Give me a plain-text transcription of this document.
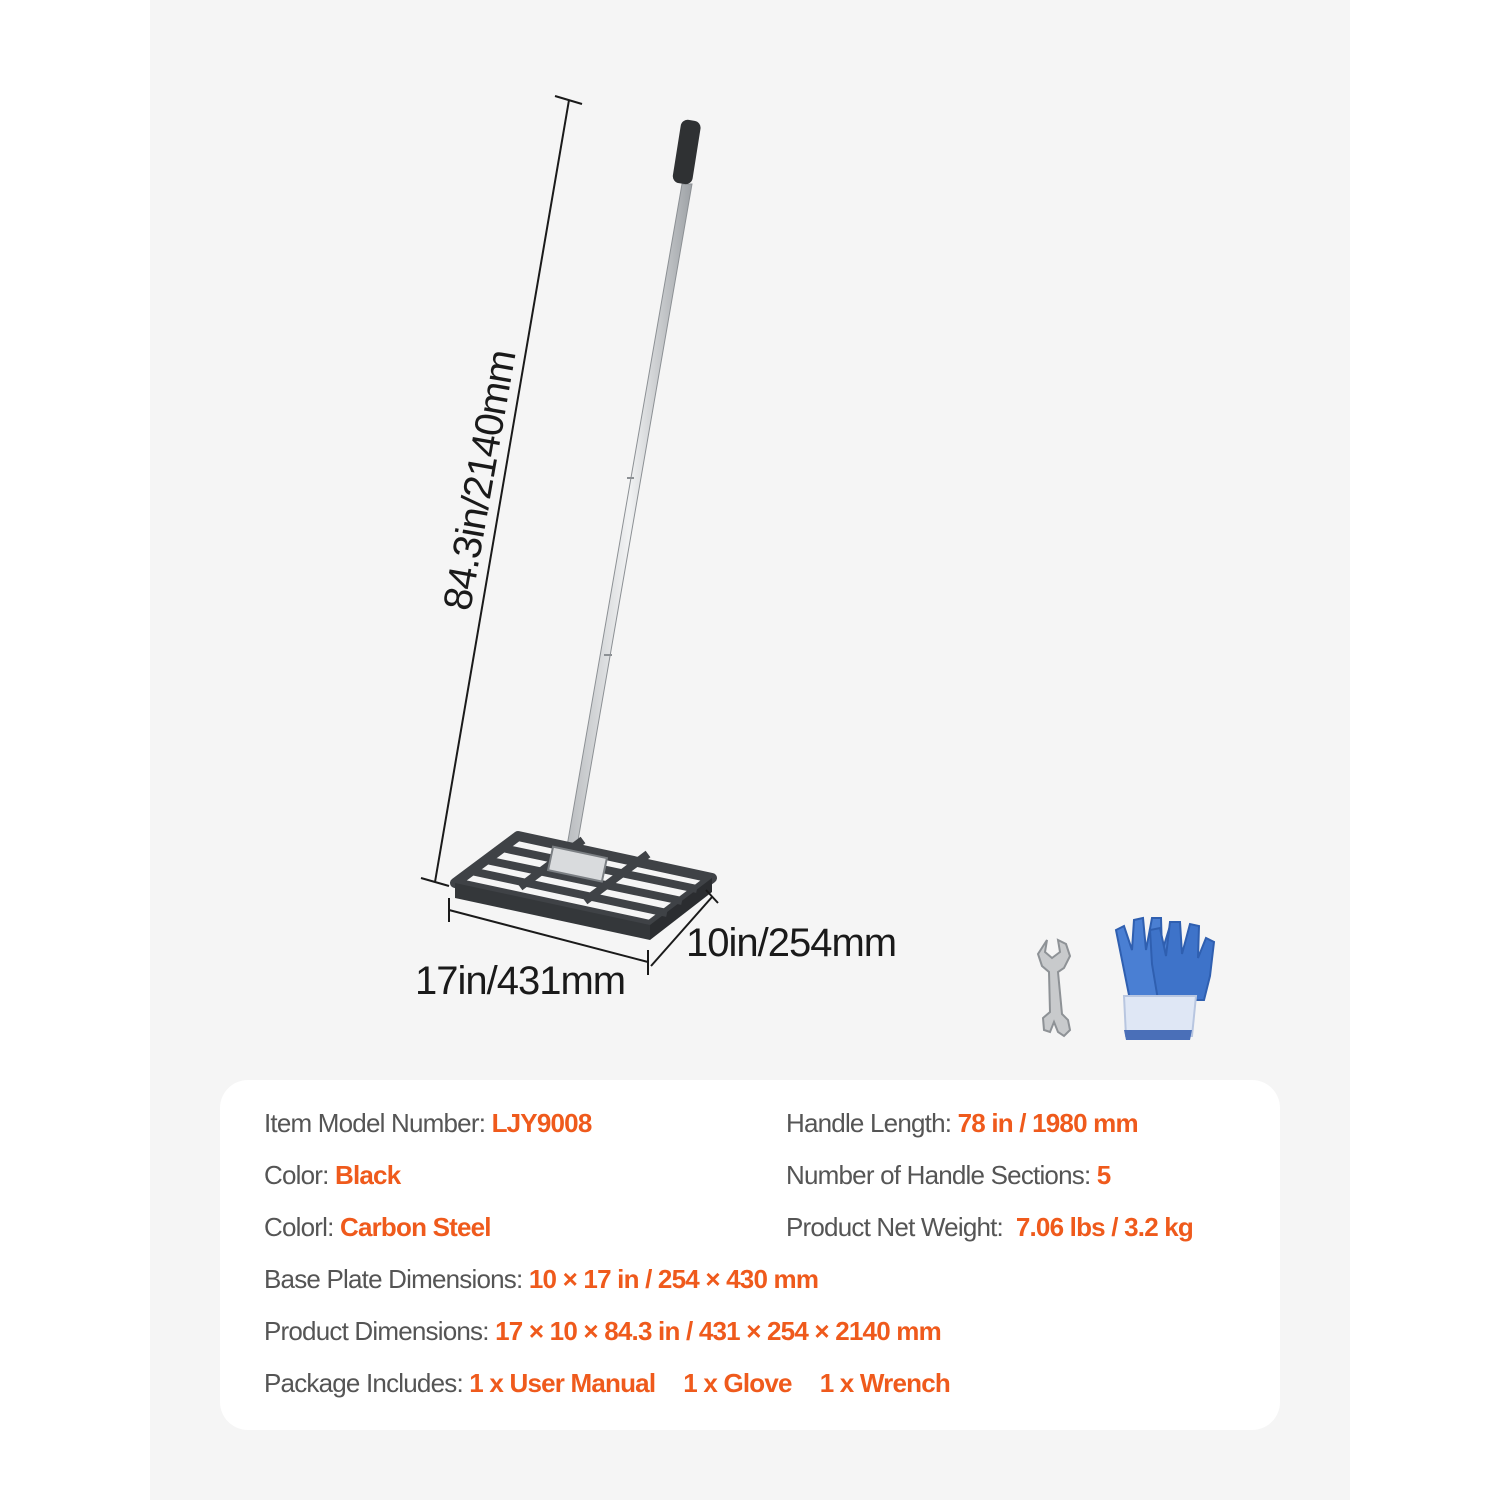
84.3in/2140mm
10in/254mm
17in/431mm
Item Model Number: LJY9008
Color: Black
Colorl: Carbon Steel
Handle Length: 78 in / 1980 mm
Number of Handle Sections: 5
Product Net Weight:  7.06 lbs / 3.2 kg
Base Plate Dimensions: 10 × 17 in / 254 × 430 mm
Product Dimensions: 17 × 10 × 84.3 in / 431 × 254 × 2140 mm
Package Includes: 1 x User Manual 1 x Glove 1 x Wrench
